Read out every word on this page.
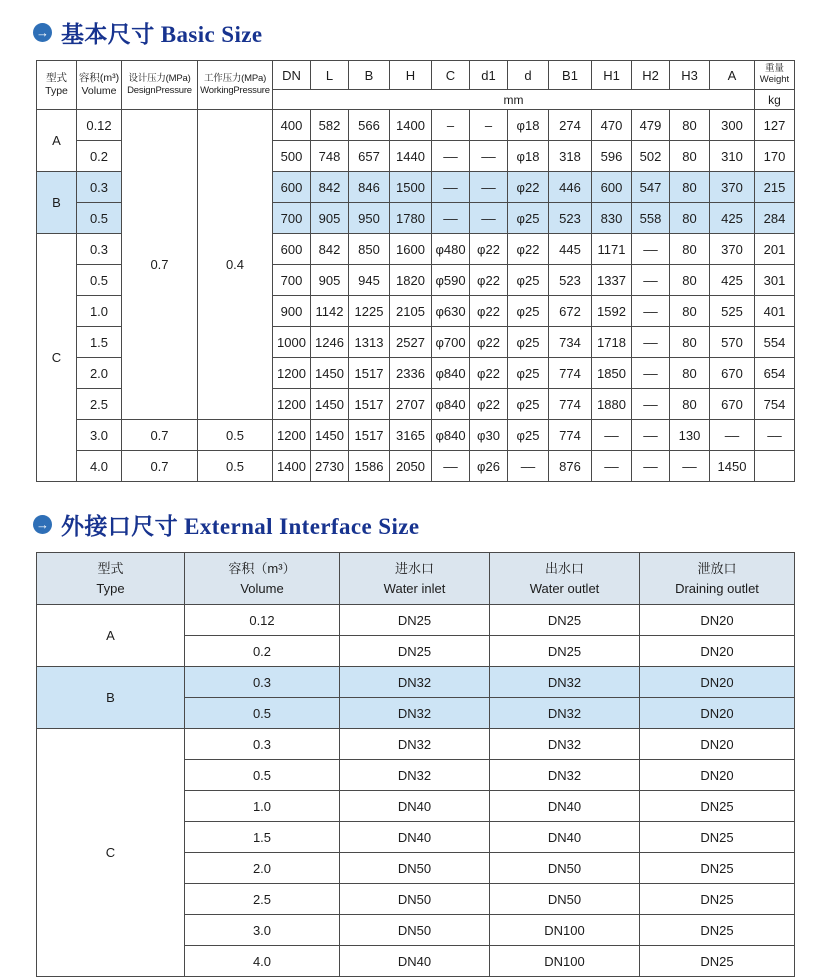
→ 基本尺寸 Basic Size
型式
Type	容积(m³)
Volume	设计压力(MPa)
DesignPressure	工作压力(MPa)
WorkingPressure	DN	L	B	H	C	d1	d	B1	H1	H2	H3	A	重量
Weight
				mm												kg
A	0.12	0.7	0.4	400	582	566	1400	–	–	φ18	274	470	479	80	300	127
	0.2			500	748	657	1440	––	––	φ18	318	596	502	80	310	170
B	0.3			600	842	846	1500	––	––	φ22	446	600	547	80	370	215
	0.5			700	905	950	1780	––	––	φ25	523	830	558	80	425	284
C	0.3			600	842	850	1600	φ480	φ22	φ22	445	1171	––	80	370	201
	0.5			700	905	945	1820	φ590	φ22	φ25	523	1337	––	80	425	301
	1.0			900	1142	1225	2105	φ630	φ22	φ25	672	1592	––	80	525	401
	1.5			1000	1246	1313	2527	φ700	φ22	φ25	734	1718	––	80	570	554
	2.0			1200	1450	1517	2336	φ840	φ22	φ25	774	1850	––	80	670	654
	2.5			1200	1450	1517	2707	φ840	φ22	φ25	774	1880	––	80	670	754
	3.0	0.7	0.5	1200	1450	1517	3165	φ840	φ30	φ25	774	––	––	130	––	––
	4.0	0.7	0.5	1400	2730	1586	2050	––	φ26	––	876	––	––	––	1450	
→ 外接口尺寸 External Interface Size
型式
Type	容积（m³）
Volume	进水口
Water inlet	出水口
Water outlet	泄放口
Draining outlet
A	0.12	DN25	DN25	DN20
	0.2	DN25	DN25	DN20
B	0.3	DN32	DN32	DN20
	0.5	DN32	DN32	DN20
C	0.3	DN32	DN32	DN20
	0.5	DN32	DN32	DN20
	1.0	DN40	DN40	DN25
	1.5	DN40	DN40	DN25
	2.0	DN50	DN50	DN25
	2.5	DN50	DN50	DN25
	3.0	DN50	DN100	DN25
	4.0	DN40	DN100	DN25
